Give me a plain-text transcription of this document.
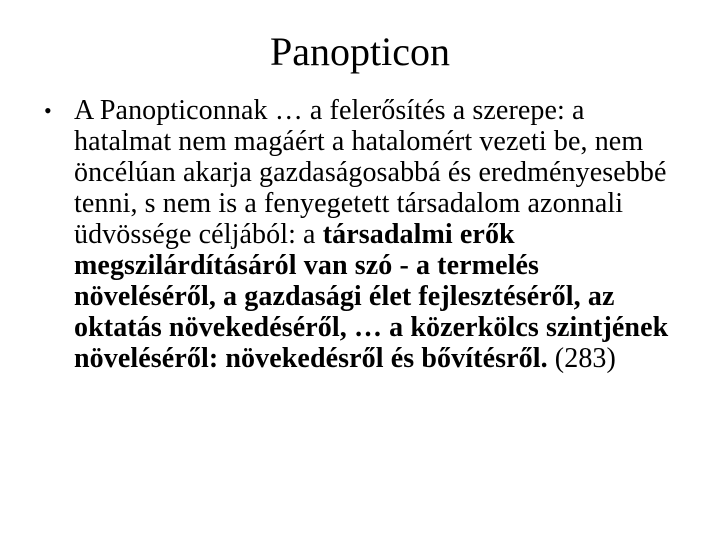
Panopticon
• A Panopticonnak … a felerősítés a szerepe: a hatalmat nem magáért a hatalomért vezeti be, nem öncélúan akarja gazdaságosabbá és eredményesebbé tenni, s nem is a fenyegetett társadalom azonnali üdvössége céljából: a társadalmi erők megszilárdításáról van szó - a termelés növeléséről, a gazdasági élet fejlesztéséről, az oktatás növekedéséről, … a közerkölcs szintjének növeléséről: növekedésről és bővítésről. (283)
